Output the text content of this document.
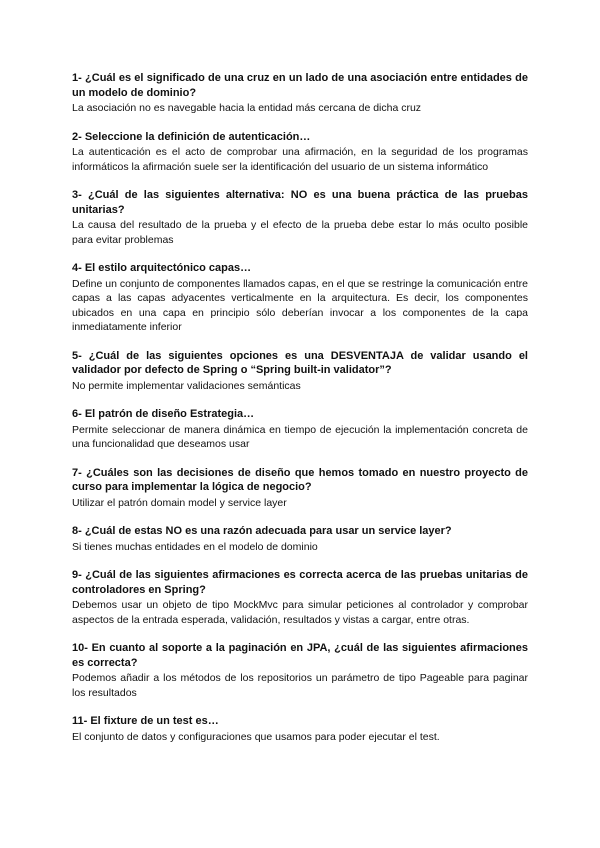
1- ¿Cuál es el significado de una cruz en un lado de una asociación entre entidades de un modelo de dominio?

La asociación no es navegable hacia la entidad más cercana de dicha cruz

2- Seleccione la definición de autenticación…

La autenticación es el acto de comprobar una afirmación, en la seguridad de los programas informáticos la afirmación suele ser la identificación del usuario de un sistema informático

3- ¿Cuál de las siguientes alternativa: NO es una buena práctica de las pruebas unitarias?

La causa del resultado de la prueba y el efecto de la prueba debe estar lo más oculto posible para evitar problemas

4- El estilo arquitectónico capas…

Define un conjunto de componentes llamados capas, en el que se restringe la comunicación entre capas a las capas adyacentes verticalmente en la arquitectura. Es decir, los componentes ubicados en una capa en principio sólo deberían invocar a los componentes de la capa inmediatamente inferior

5- ¿Cuál de las siguientes opciones es una DESVENTAJA de validar usando el validador por defecto de Spring o “Spring built-in validator”?

No permite implementar validaciones semánticas

6- El patrón de diseño Estrategia…

Permite seleccionar de manera dinámica en tiempo de ejecución la implementación concreta de una funcionalidad que deseamos usar

7- ¿Cuáles son las decisiones de diseño que hemos tomado en nuestro proyecto de curso para implementar la lógica de negocio?

Utilizar el patrón domain model y service layer

8- ¿Cuál de estas NO es una razón adecuada para usar un service layer?

Si tienes muchas entidades en el modelo de dominio

9- ¿Cuál de las siguientes afirmaciones es correcta acerca de las pruebas unitarias de controladores en Spring?

Debemos usar un objeto de tipo MockMvc para simular peticiones al controlador y comprobar aspectos de la entrada esperada, validación, resultados y vistas a cargar, entre otras.

10- En cuanto al soporte a la paginación en JPA, ¿cuál de las siguientes afirmaciones es correcta?

Podemos añadir a los métodos de los repositorios un parámetro de tipo Pageable para paginar los resultados

11- El fixture de un test es…

El conjunto de datos y configuraciones que usamos para poder ejecutar el test.
